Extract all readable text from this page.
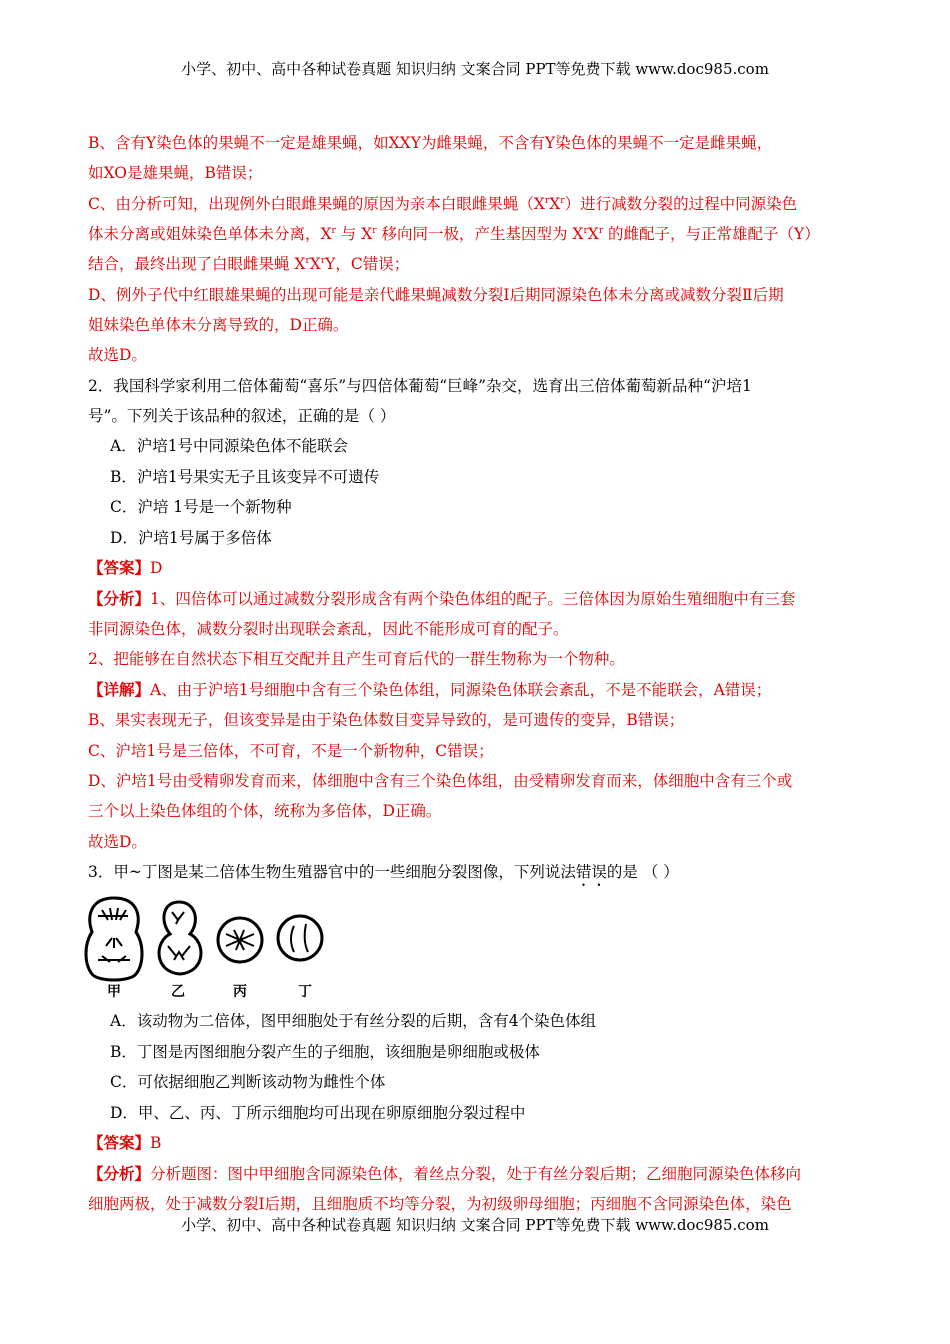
小学、初中、高中各种试卷真题 知识归纳 文案合同 PPT等免费下载 www.doc985.com
B、含有Y染色体的果蝇不一定是雄果蝇，如XXY为雌果蝇，不含有Y染色体的果蝇不一定是雌果蝇，
如XO是雄果蝇，B错误；
C、由分析可知，出现例外白眼雌果蝇的原因为亲本白眼雌果蝇$(X^rX^r)$进行减数分裂的过程中同源染色
体未分离或姐妹染色单体未分离，$X^r$ 与 $X^r$ 移向同一极，产生基因型为 $X^rX^r$ 的雌配子，与正常雄配子（Y）
结合，最终出现了白眼雌果蝇 $X^rX^rY$，C错误；
D、例外子代中红眼雄果蝇的出现可能是亲代雌果蝇减数分裂Ⅰ后期同源染色体未分离或减数分裂Ⅱ后期
姐妹染色单体未分离导致的，D正确。
故选D。
2．我国科学家利用二倍体葡萄“喜乐”与四倍体葡萄“巨峰”杂交，选育出三倍体葡萄新品种“沪培1
号”。下列关于该品种的叙述，正确的是（ ）
A．沪培1号中同源染色体不能联会
B．沪培1号果实无子且该变异不可遗传
C．沪培 1号是一个新物种
D．沪培1号属于多倍体
【答案】D
【分析】1、四倍体可以通过减数分裂形成含有两个染色体组的配子。三倍体因为原始生殖细胞中有三套
非同源染色体，减数分裂时出现联会紊乱，因此不能形成可育的配子。
2、把能够在自然状态下相互交配并且产生可育后代的一群生物称为一个物种。
【详解】A、由于沪培1号细胞中含有三个染色体组，同源染色体联会紊乱，不是不能联会，A错误；
B、果实表现无子，但该变异是由于染色体数目变异导致的，是可遗传的变异，B错误；
C、沪培1号是三倍体，不可育，不是一个新物种，C错误；
D、沪培1号由受精卵发育而来，体细胞中含有三个染色体组，由受精卵发育而来，体细胞中含有三个或
三个以上染色体组的个体，统称为多倍体，D正确。
故选D。
3．甲~丁图是某二倍体生物生殖器官中的一些细胞分裂图像，下列说法错误的是 （ ）
甲	乙	丙	丁
A．该动物为二倍体，图甲细胞处于有丝分裂的后期，含有4个染色体组
B．丁图是丙图细胞分裂产生的子细胞，该细胞是卵细胞或极体
C．可依据细胞乙判断该动物为雌性个体
D．甲、乙、丙、丁所示细胞均可出现在卵原细胞分裂过程中
【答案】B
【分析】分析题图：图中甲细胞含同源染色体，着丝点分裂，处于有丝分裂后期；乙细胞同源染色体移向
细胞两极，处于减数分裂Ⅰ后期，且细胞质不均等分裂，为初级卵母细胞；丙细胞不含同源染色体，染色
小学、初中、高中各种试卷真题 知识归纳 文案合同 PPT等免费下载 www.doc985.com
